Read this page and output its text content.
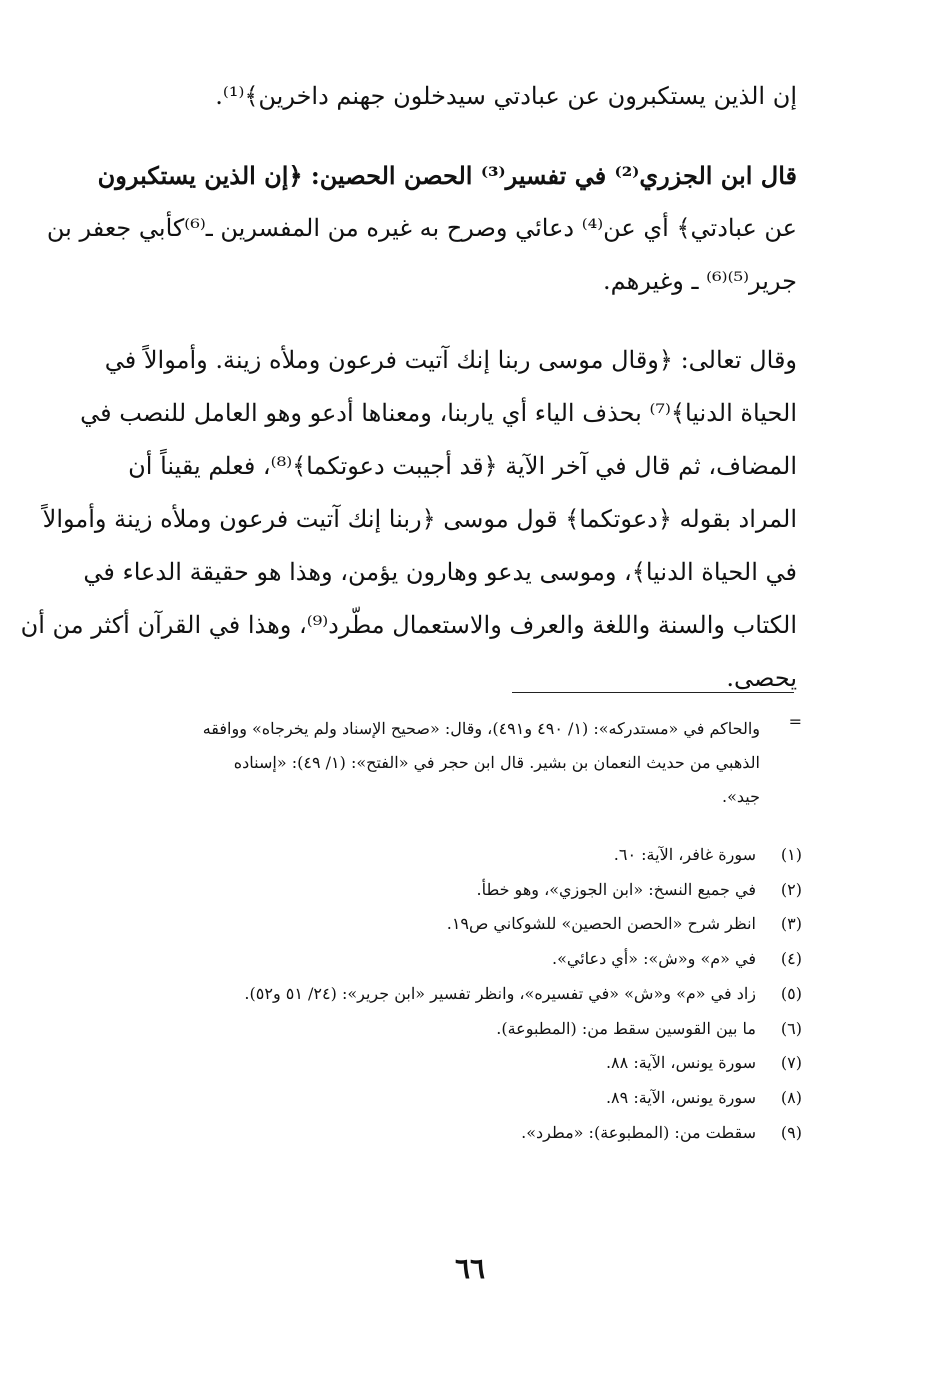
إن الذين يستكبرون عن عبادتي سيدخلون جهنم داخرين﴾⁽¹⁾.
قال ابن الجزري⁽²⁾ في تفسير⁽³⁾ الحصن الحصين: ﴿إن الذين يستكبرون
عن عبادتي﴾ أي عن⁽⁴⁾ دعائي وصرح به غيره من المفسرين ـ⁽⁶⁾كأبي جعفر بن
جرير⁽⁵⁾⁽⁶⁾ ـ وغيرهم.
وقال تعالى: ﴿وقال موسى ربنا إنك آتيت فرعون وملأه زينة. وأموالاً في
الحياة الدنيا﴾⁽⁷⁾ بحذف الياء أي ياربنا، ومعناها أدعو وهو العامل للنصب في
المضاف، ثم قال في آخر الآية ﴿قد أجيبت دعوتكما﴾⁽⁸⁾، فعلم يقيناً أن
المراد بقوله ﴿دعوتكما﴾ قول موسى ﴿ربنا إنك آتيت فرعون وملأه زينة وأموالاً
في الحياة الدنيا﴾، وموسى يدعو وهارون يؤمن، وهذا هو حقيقة الدعاء في
الكتاب والسنة واللغة والعرف والاستعمال مطّرد⁽⁹⁾، وهذا في القرآن أكثر من أن
يحصى.
=
والحاكم في «مستدركه»: (١/ ٤٩٠ و٤٩١)، وقال: «صحيح الإسناد ولم يخرجاه» ووافقه
الذهبي من حديث النعمان بن بشير. قال ابن حجر في «الفتح»: (١/ ٤٩): «إسناده
جيد».
(١)
سورة غافر، الآية: ٦٠.
(٢)
في جميع النسخ: «ابن الجوزي»، وهو خطأ.
(٣)
انظر شرح «الحصن الحصين» للشوكاني ص١٩.
(٤)
في «م» و«ش»: «أي دعائي».
(٥)
زاد في «م» و«ش» «في تفسيره»، وانظر تفسير «ابن جرير»: (٢٤/ ٥١ و٥٢).
(٦)
ما بين القوسين سقط من: (المطبوعة).
(٧)
سورة يونس، الآية: ٨٨.
(٨)
سورة يونس، الآية: ٨٩.
(٩)
سقطت من: (المطبوعة): «مطرد».
٦٦
